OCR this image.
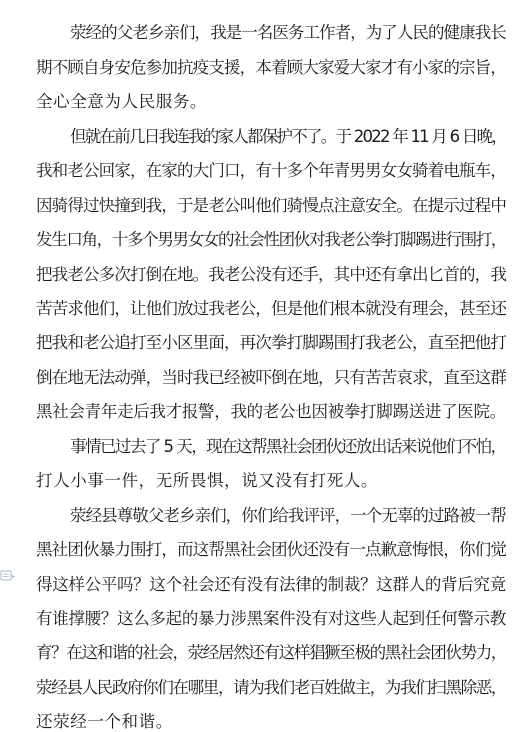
荥经的父老乡亲们，我是一名医务工作者，为了人民的健康我长
期不顾自身安危参加抗疫支援，本着顾大家爱大家才有小家的宗旨，
全心全意为人民服务。
但就在前几日我连我的家人都保护不了。于 2022 年 11 月 6 日晚，
我和老公回家，在家的大门口，有十多个年青男男女女骑着电瓶车，
因骑得过快撞到我，于是老公叫他们骑慢点注意安全。在提示过程中
发生口角，十多个男男女女的社会性团伙对我老公拳打脚踢进行围打，
把我老公多次打倒在地。我老公没有还手，其中还有拿出匕首的，我
苦苦求他们，让他们放过我老公，但是他们根本就没有理会，甚至还
把我和老公追打至小区里面，再次拳打脚踢围打我老公，直至把他打
倒在地无法动弹，当时我已经被吓倒在地，只有苦苦哀求，直至这群
黑社会青年走后我才报警，我的老公也因被拳打脚踢送进了医院。
事情已过去了 5 天，现在这帮黑社会团伙还放出话来说他们不怕，
打人小事一件，无所畏惧，说又没有打死人。
荥经县尊敬父老乡亲们，你们给我评评，一个无辜的过路被一帮
黑社团伙暴力围打，而这帮黑社会团伙还没有一点歉意悔恨，你们觉
得这样公平吗？这个社会还有没有法律的制裁？这群人的背后究竟
有谁撑腰？这么多起的暴力涉黑案件没有对这些人起到任何警示教
育？在这和谐的社会，荥经居然还有这样猖獗至极的黑社会团伙势力，
荥经县人民政府你们在哪里，请为我们老百姓做主，为我们扫黑除恶，
还荥经一个和谐。
